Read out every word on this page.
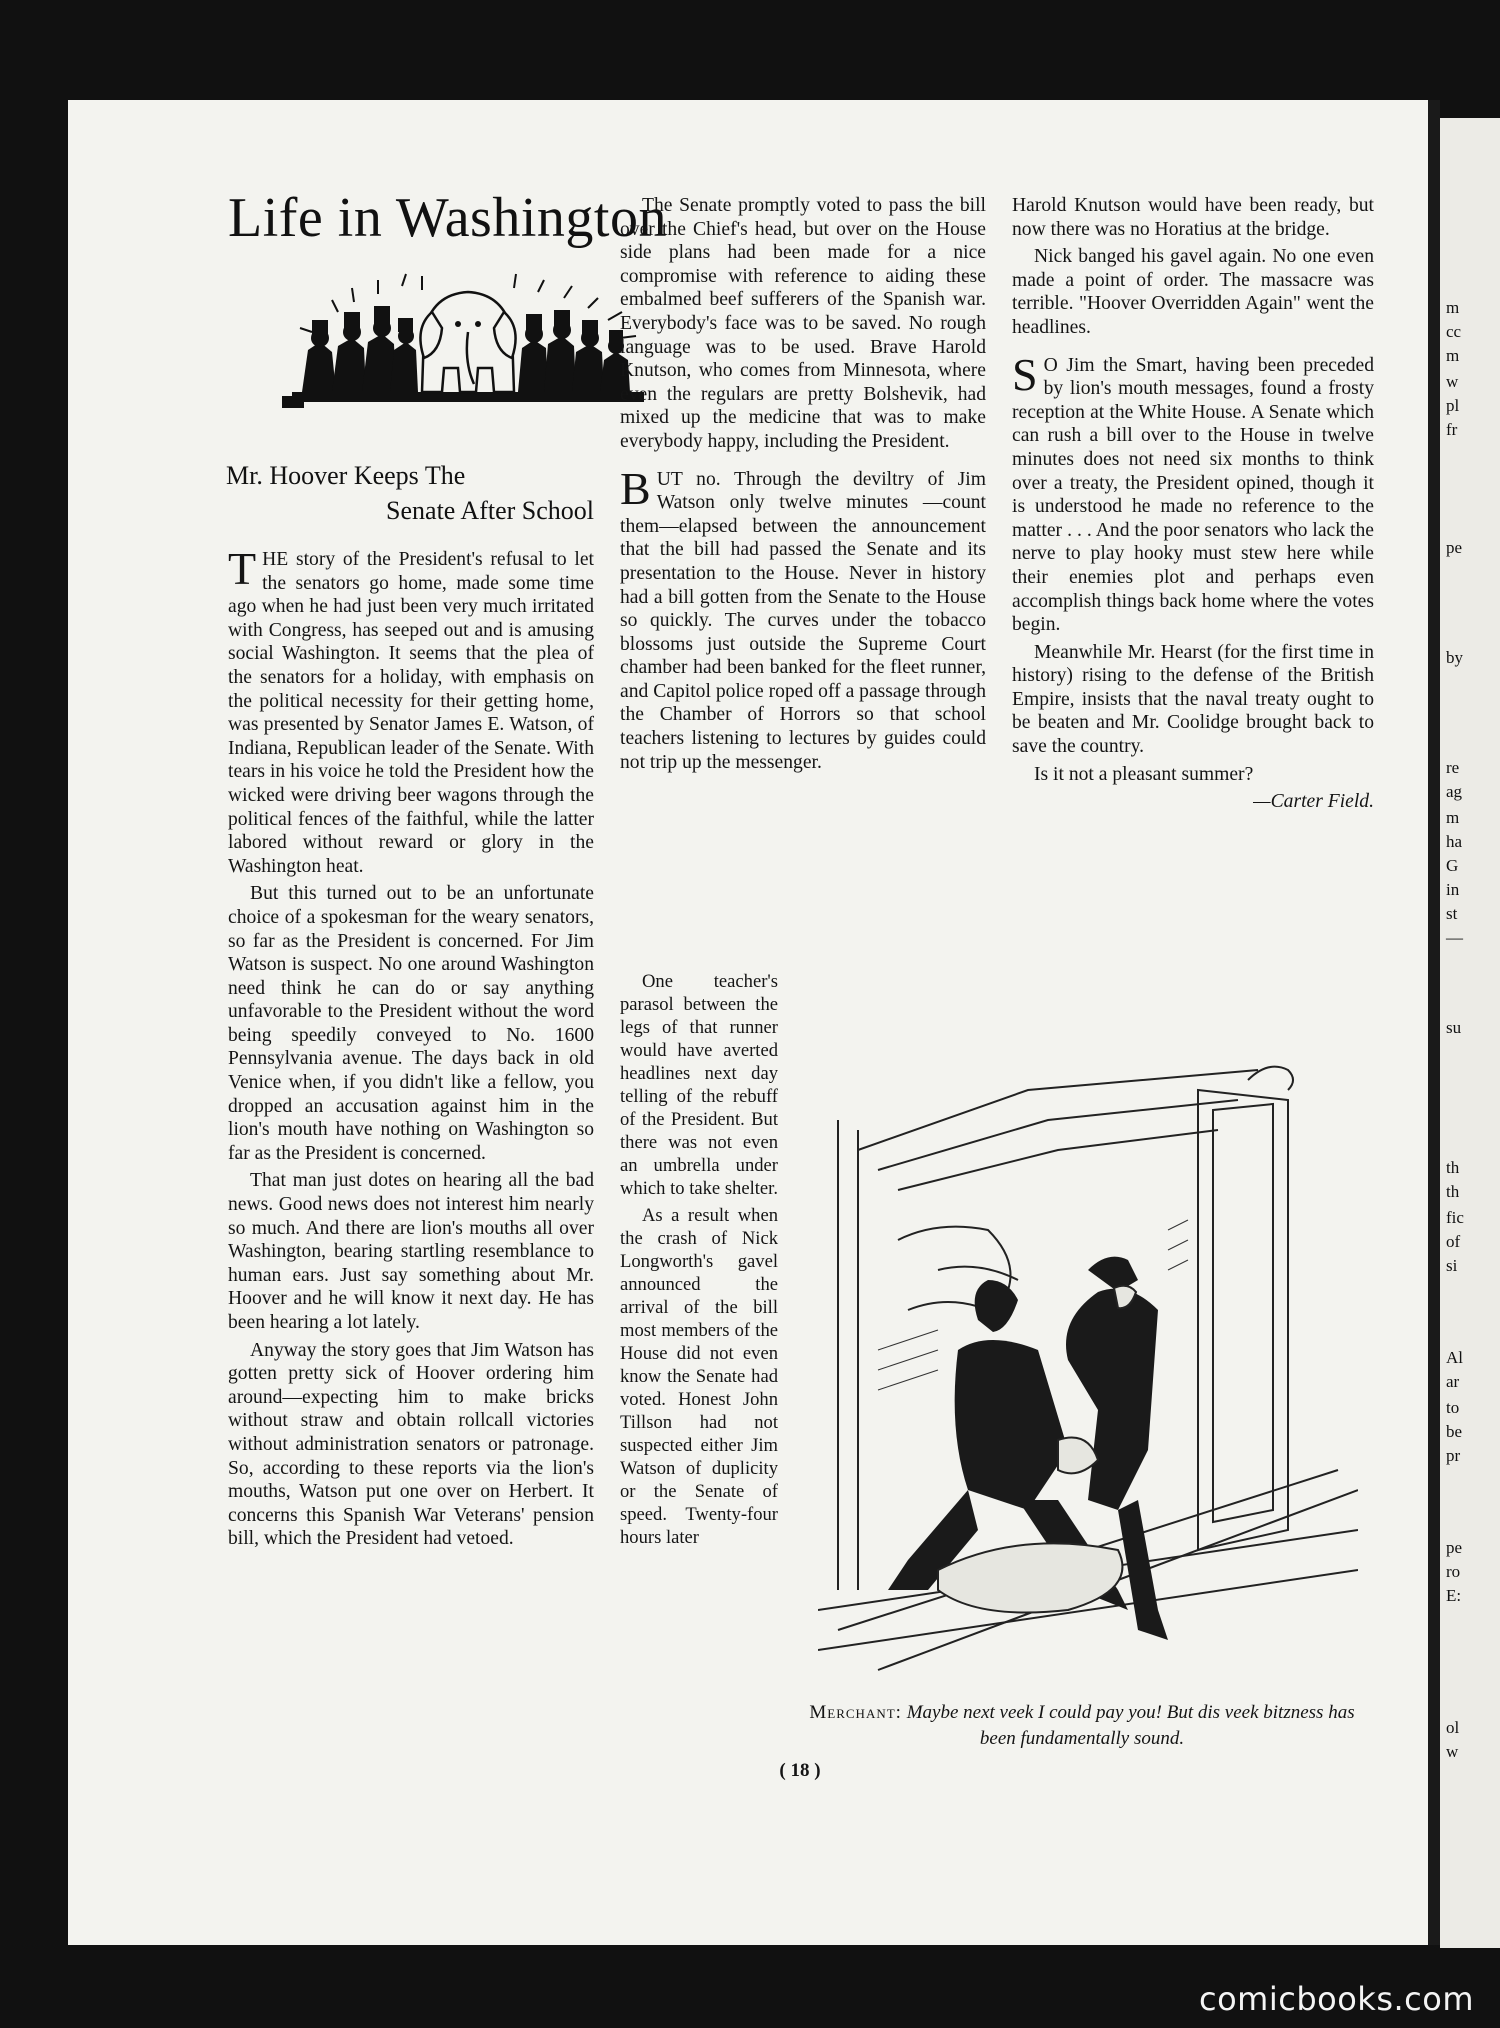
m
cc
m
w
pl
fr
pe
by
re
ag
m
ha
G
in
st
—
su
th
th
fic
of
si
Al
ar
to
be
pr
pe
ro
E:
ol
w
Life in Washington
Mr. Hoover Keeps The
Senate After School

THE story of the President's refusal to let the senators go home, made some time ago when he had just been very much irritated with Congress, has seeped out and is amusing social Washington. It seems that the plea of the senators for a holiday, with emphasis on the political necessity for their getting home, was presented by Senator James E. Watson, of Indiana, Republican leader of the Senate. With tears in his voice he told the President how the wicked were driving beer wagons through the political fences of the faithful, while the latter labored without reward or glory in the Washington heat.

But this turned out to be an unfortunate choice of a spokesman for the weary senators, so far as the President is concerned. For Jim Watson is suspect. No one around Washington need think he can do or say anything unfavorable to the President without the word being speedily conveyed to No. 1600 Pennsylvania avenue. The days back in old Venice when, if you didn't like a fellow, you dropped an accusation against him in the lion's mouth have nothing on Washington so far as the President is concerned.

That man just dotes on hearing all the bad news. Good news does not interest him nearly so much. And there are lion's mouths all over Washington, bearing startling resemblance to human ears. Just say something about Mr. Hoover and he will know it next day. He has been hearing a lot lately.

Anyway the story goes that Jim Watson has gotten pretty sick of Hoover ordering him around—expecting him to make bricks without straw and obtain rollcall victories without administration senators or patronage. So, according to these reports via the lion's mouths, Watson put one over on Herbert. It concerns this Spanish War Veterans' pension bill, which the President had vetoed.

The Senate promptly voted to pass the bill over the Chief's head, but over on the House side plans had been made for a nice compromise with reference to aiding these embalmed beef sufferers of the Spanish war. Everybody's face was to be saved. No rough language was to be used. Brave Harold Knutson, who comes from Minnesota, where even the regulars are pretty Bolshevik, had mixed up the medicine that was to make everybody happy, including the President.

BUT no. Through the deviltry of Jim Watson only twelve minutes —count them—elapsed between the announcement that the bill had passed the Senate and its presentation to the House. Never in history had a bill gotten from the Senate to the House so quickly. The curves under the tobacco blossoms just outside the Supreme Court chamber had been banked for the fleet runner, and Capitol police roped off a passage through the Chamber of Horrors so that school teachers listening to lectures by guides could not trip up the messenger.

One teacher's parasol between the legs of that runner would have averted headlines next day telling of the rebuff of the President. But there was not even an umbrella under which to take shelter.

As a result when the crash of Nick Longworth's gavel announced the arrival of the bill most members of the House did not even know the Senate had voted. Honest John Tillson had not suspected either Jim Watson of duplicity or the Senate of speed. Twenty-four hours later

Harold Knutson would have been ready, but now there was no Horatius at the bridge.

Nick banged his gavel again. No one even made a point of order. The massacre was terrible. "Hoover Overridden Again" went the headlines.

S O Jim the Smart, having been preceded by lion's mouth messages, found a frosty reception at the White House. A Senate which can rush a bill over to the House in twelve minutes does not need six months to think over a treaty, the President opined, though it is understood he made no reference to the matter . . . And the poor senators who lack the nerve to play hooky must stew here while their enemies plot and perhaps even accomplish things back home where the votes begin.

Meanwhile Mr. Hearst (for the first time in history) rising to the defense of the British Empire, insists that the naval treaty ought to be beaten and Mr. Coolidge brought back to save the country.

Is it not a pleasant summer?

—Carter Field.

Merchant: Maybe next veek I could pay you! But dis veek bitzness has been fundamentally sound.
( 18 )
comicbooks.com
